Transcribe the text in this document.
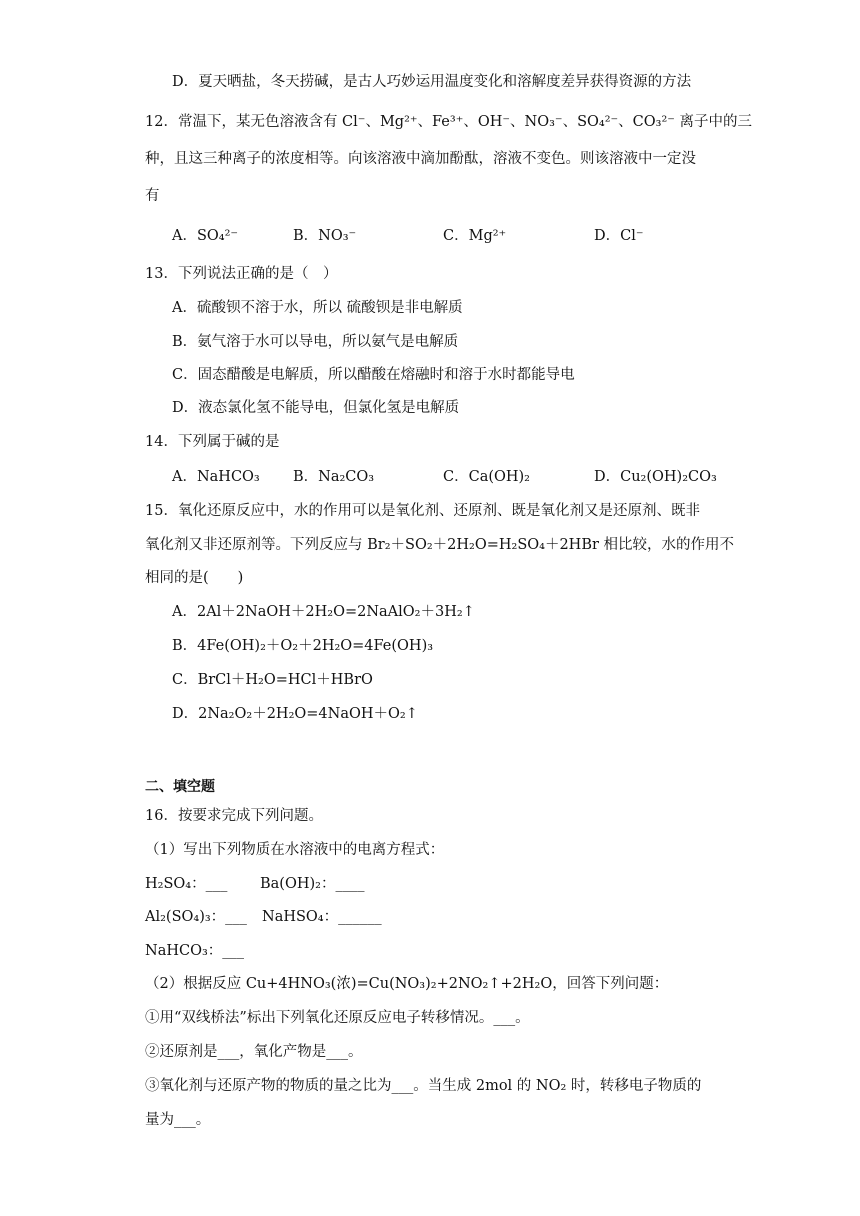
D．夏天晒盐，冬天捞碱，是古人巧妙运用温度变化和溶解度差异获得资源的方法
12．常温下，某无色溶液含有 Cl⁻、Mg²⁺、Fe³⁺、OH⁻、NO₃⁻、SO₄²⁻、CO₃²⁻ 离子中的三
种，且这三种离子的浓度相等。向该溶液中滴加酚酞，溶液不变色。则该溶液中一定没
有
A．SO₄²⁻	B．NO₃⁻	C．Mg²⁺	D．Cl⁻
13．下列说法正确的是（　）
A．硫酸钡不溶于水，所以 硫酸钡是非电解质
B．氨气溶于水可以导电，所以氨气是电解质
C．固态醋酸是电解质，所以醋酸在熔融时和溶于水时都能导电
D．液态氯化氢不能导电，但氯化氢是电解质
14．下列属于碱的是
A．NaHCO₃ B．Na₂CO₃	C．Ca(OH)₂	D．Cu₂(OH)₂CO₃
15．氧化还原反应中，水的作用可以是氧化剂、还原剂、既是氧化剂又是还原剂、既非
氧化剂又非还原剂等。下列反应与 Br₂＋SO₂＋2H₂O=H₂SO₄＋2HBr 相比较，水的作用不
相同的是(　　)
A．2Al＋2NaOH＋2H₂O=2NaAlO₂＋3H₂↑
B．4Fe(OH)₂＋O₂＋2H₂O=4Fe(OH)₃
C．BrCl＋H₂O=HCl＋HBrO
D．2Na₂O₂＋2H₂O=4NaOH＋O₂↑
二、填空题
16．按要求完成下列问题。
（1）写出下列物质在水溶液中的电离方程式：
H₂SO₄：___ Ba(OH)₂：____
Al₂(SO₄)₃：___ NaHSO₄：______
NaHCO₃：___
（2）根据反应 Cu+4HNO₃(浓)=Cu(NO₃)₂+2NO₂↑+2H₂O，回答下列问题：
①用“双线桥法”标出下列氧化还原反应电子转移情况。___。
②还原剂是___，氧化产物是___。
③氧化剂与还原产物的物质的量之比为___。当生成 2mol 的 NO₂ 时，转移电子物质的
量为___。
